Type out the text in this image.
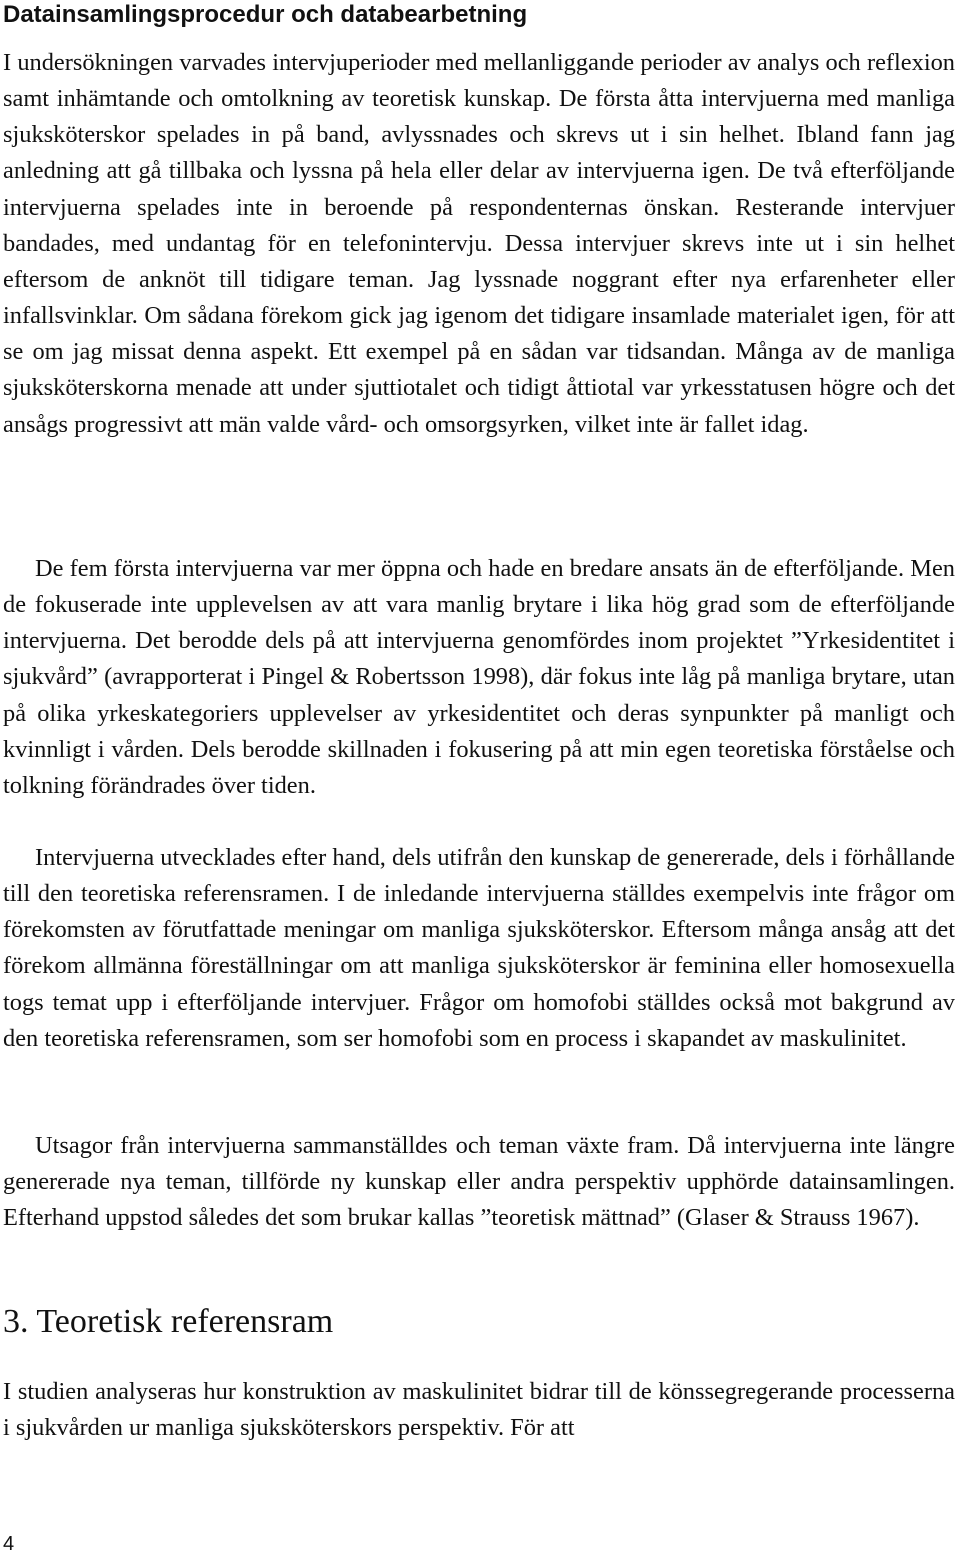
Datainsamlingsprocedur och databearbetning

I undersökningen varvades intervjuperioder med mellanliggande perioder av analys och reflexion samt inhämtande och omtolkning av teoretisk kunskap. De första åtta intervjuerna med manliga sjuksköterskor spelades in på band, avlyssnades och skrevs ut i sin helhet. Ibland fann jag anledning att gå tillbaka och lyssna på hela eller delar av intervjuerna igen. De två efterföljande intervjuerna spelades inte in beroende på respondenternas önskan. Resterande intervjuer bandades, med undantag för en telefonintervju. Dessa intervjuer skrevs inte ut i sin helhet eftersom de anknöt till tidigare teman. Jag lyssnade noggrant efter nya erfarenheter eller infallsvinklar. Om sådana förekom gick jag igenom det tidigare insamlade materialet igen, för att se om jag missat denna aspekt. Ett exempel på en sådan var tidsandan. Många av de manliga sjuksköterskorna menade att under sjuttiotalet och tidigt åttiotal var yrkesstatusen högre och det ansågs progressivt att män valde vård- och omsorgsyrken, vilket inte är fallet idag.

De fem första intervjuerna var mer öppna och hade en bredare ansats än de efterföljande. Men de fokuserade inte upplevelsen av att vara manlig brytare i lika hög grad som de efterföljande intervjuerna. Det berodde dels på att intervjuerna genomfördes inom projektet ”Yrkesidentitet i sjukvård” (avrapporterat i Pingel & Robertsson 1998), där fokus inte låg på manliga brytare, utan på olika yrkeskategoriers upplevelser av yrkesidentitet och deras synpunkter på manligt och kvinnligt i vården. Dels berodde skillnaden i fokusering på att min egen teoretiska förståelse och tolkning förändrades över tiden.

Intervjuerna utvecklades efter hand, dels utifrån den kunskap de genererade, dels i förhållande till den teoretiska referensramen. I de inledande intervjuerna ställdes exempelvis inte frågor om förekomsten av förutfattade meningar om manliga sjuksköterskor. Eftersom många ansåg att det förekom allmänna föreställningar om att manliga sjuksköterskor är feminina eller homosexuella togs temat upp i efterföljande intervjuer. Frågor om homofobi ställdes också mot bakgrund av den teoretiska referensramen, som ser homofobi som en process i skapandet av maskulinitet.

Utsagor från intervjuerna sammanställdes och teman växte fram. Då intervjuerna inte längre genererade nya teman, tillförde ny kunskap eller andra perspektiv upphörde datainsamlingen. Efterhand uppstod således det som brukar kallas ”teoretisk mättnad” (Glaser & Strauss 1967).

3. Teoretisk referensram

I studien analyseras hur konstruktion av maskulinitet bidrar till de könssegregerande processerna i sjukvården ur manliga sjuksköterskors perspektiv. För att

4
